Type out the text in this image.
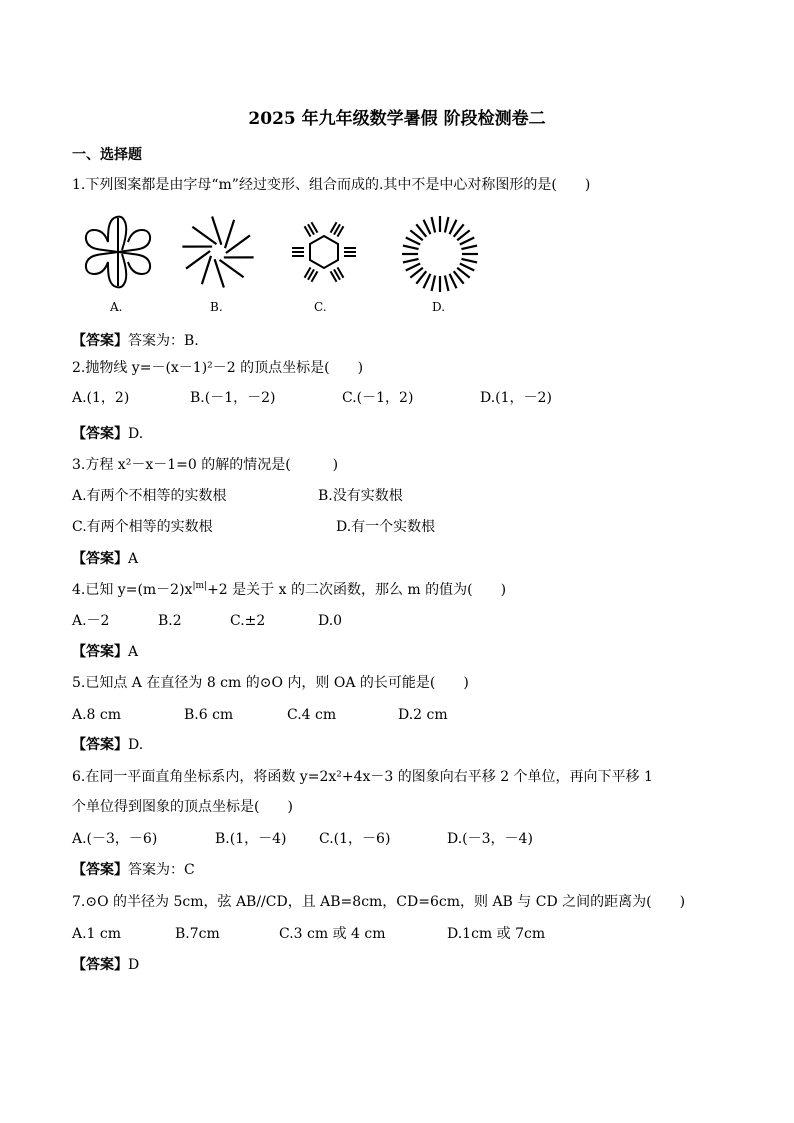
2025 年九年级数学暑假 阶段检测卷二
一、选择题
1.下列图案都是由字母“m”经过变形、组合而成的.其中不是中心对称图形的是(　　)
A.	B.	C.	D.
【答案】答案为：B.
2.抛物线 y=－(x－1)²－2 的顶点坐标是(　　)
A.(1，2)	B.(－1，－2)	C.(－1，2)	D.(1，－2)
【答案】D.
3.方程 x²－x－1=0 的解的情况是(　　　)
A.有两个不相等的实数根	B.没有实数根
C.有两个相等的实数根	D.有一个实数根
【答案】A
4.已知 $y=(m-2)x^{|m|}+2$ 是关于 x 的二次函数，那么 m 的值为(　　)
A.－2	B.2	C.±2	D.0
【答案】A
5.已知点 A 在直径为 8 cm 的⊙O 内，则 OA 的长可能是(　　)
A.8 cm	B.6 cm	C.4 cm	D.2 cm
【答案】D.
6.在同一平面直角坐标系内，将函数 y=2x²+4x－3 的图象向右平移 2 个单位，再向下平移 1
个单位得到图象的顶点坐标是(　　)
A.(－3，－6)	B.(1，－4) C.(1，－6)	D.(－3，－4)
【答案】答案为：C
7.⊙O 的半径为 5cm，弦 AB//CD，且 AB=8cm，CD=6cm，则 AB 与 CD 之间的距离为(　　)
A.1 cm	B.7cm	C.3 cm 或 4 cm	D.1cm 或 7cm
【答案】D
